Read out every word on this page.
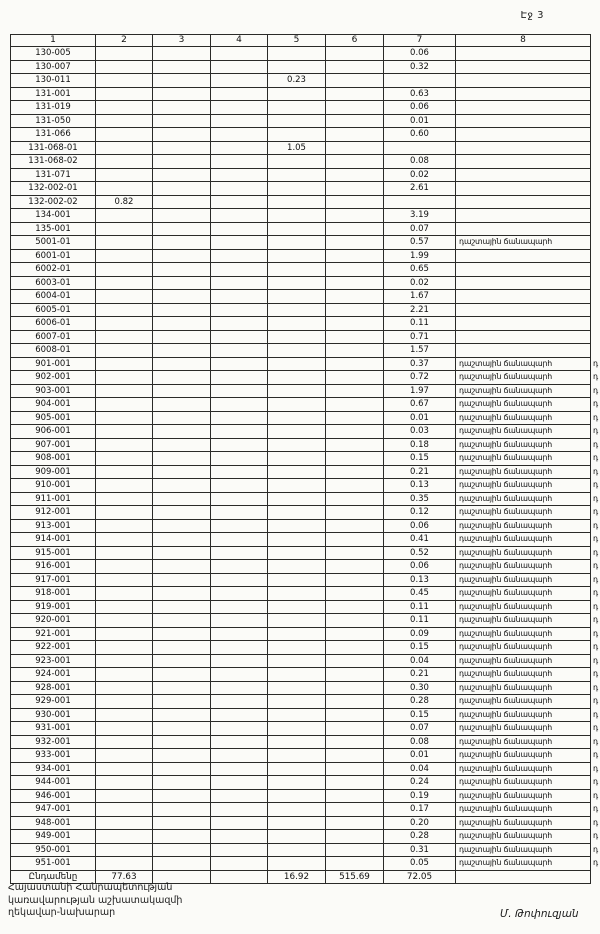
Էջ 3
1	2	3	4	5	6	7	8	
130-005						0.06		
130-007						0.32		
130-011				0.23				
131-001						0.63		
131-019						0.06		
131-050						0.01		
131-066						0.60		
131-068-01				1.05				
131-068-02						0.08		
131-071						0.02		
132-002-01						2.61		
132-002-02	0.82							
134-001						3.19		
135-001						0.07		
5001-01						0.57	դաշտային ճանապարհ	
6001-01						1.99		
6002-01						0.65		
6003-01						0.02		
6004-01						1.67		
6005-01						2.21		
6006-01						0.11		
6007-01						0.71		
6008-01						1.57		
901-001						0.37	դաշտային ճանապարհ	դ
902-001						0.72	դաշտային ճանապարհ	դ
903-001						1.97	դաշտային ճանապարհ	դ
904-001						0.67	դաշտային ճանապարհ	դ
905-001						0.01	դաշտային ճանապարհ	դ
906-001						0.03	դաշտային ճանապարհ	դ
907-001						0.18	դաշտային ճանապարհ	դ
908-001						0.15	դաշտային ճանապարհ	դ
909-001						0.21	դաշտային ճանապարհ	դ
910-001						0.13	դաշտային ճանապարհ	դ
911-001						0.35	դաշտային ճանապարհ	դ
912-001						0.12	դաշտային ճանապարհ	դ
913-001						0.06	դաշտային ճանապարհ	դ
914-001						0.41	դաշտային ճանապարհ	դ
915-001						0.52	դաշտային ճանապարհ	դ
916-001						0.06	դաշտային ճանապարհ	դ
917-001						0.13	դաշտային ճանապարհ	դ
918-001						0.45	դաշտային ճանապարհ	դ
919-001						0.11	դաշտային ճանապարհ	դ
920-001						0.11	դաշտային ճանապարհ	դ
921-001						0.09	դաշտային ճանապարհ	դ
922-001						0.15	դաշտային ճանապարհ	դ
923-001						0.04	դաշտային ճանապարհ	դ
924-001						0.21	դաշտային ճանապարհ	դ
928-001						0.30	դաշտային ճանապարհ	դ
929-001						0.28	դաշտային ճանապարհ	դ
930-001						0.15	դաշտային ճանապարհ	դ
931-001						0.07	դաշտային ճանապարհ	դ
932-001						0.08	դաշտային ճանապարհ	դ
933-001						0.01	դաշտային ճանապարհ	դ
934-001						0.04	դաշտային ճանապարհ	դ
944-001						0.24	դաշտային ճանապարհ	դ
946-001						0.19	դաշտային ճանապարհ	դ
947-001						0.17	դաշտային ճանապարհ	դ
948-001						0.20	դաշտային ճանապարհ	դ
949-001						0.28	դաշտային ճանապարհ	դ
950-001						0.31	դաշտային ճանապարհ	դ
951-001						0.05	դաշտային ճանապարհ	դ
Ընդամենը	77.63			16.92	515.69	72.05		
Հայաստանի Հանրապետության
կառավարության աշխատակազմի
ղեկավար-նախարար	Մ. Թոփուզյան
